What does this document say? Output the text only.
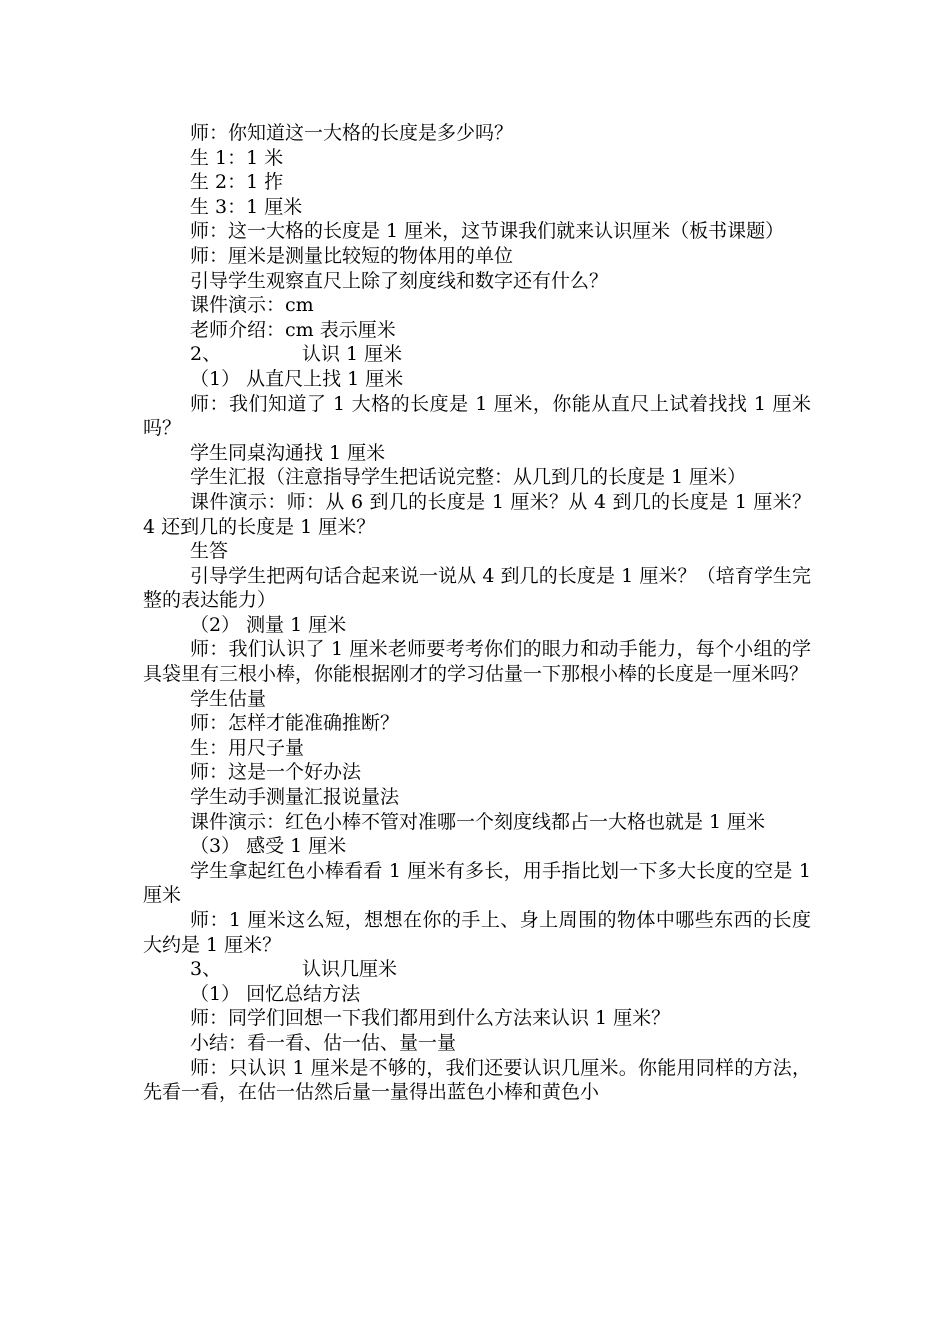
师：你知道这一大格的长度是多少吗？
生 1：1 米
生 2：1 拃
生 3：1 厘米
师：这一大格的长度是 1 厘米，这节课我们就来认识厘米（板书课题）
师：厘米是测量比较短的物体用的单位
引导学生观察直尺上除了刻度线和数字还有什么？
课件演示：cm
老师介绍：cm 表示厘米
2、	认识 1 厘米
（1） 从直尺上找 1 厘米
师：我们知道了 1 大格的长度是 1 厘米，你能从直尺上试着找找 1 厘米吗？
学生同桌沟通找 1 厘米
学生汇报（注意指导学生把话说完整：从几到几的长度是 1 厘米）
课件演示：师：从 6 到几的长度是 1 厘米？从 4 到几的长度是 1 厘米？4 还到几的长度是 1 厘米？
生答
引导学生把两句话合起来说一说从 4 到几的长度是 1 厘米？（培育学生完整的表达能力）
（2） 测量 1 厘米
师：我们认识了 1 厘米老师要考考你们的眼力和动手能力，每个小组的学具袋里有三根小棒，你能根据刚才的学习估量一下那根小棒的长度是一厘米吗？
学生估量
师：怎样才能准确推断？
生：用尺子量
师：这是一个好办法
学生动手测量汇报说量法
课件演示：红色小棒不管对准哪一个刻度线都占一大格也就是 1 厘米
（3） 感受 1 厘米
学生拿起红色小棒看看 1 厘米有多长，用手指比划一下多大长度的空是 1 厘米
师：1 厘米这么短，想想在你的手上、身上周围的物体中哪些东西的长度大约是 1 厘米？
3、	认识几厘米
（1） 回忆总结方法
师：同学们回想一下我们都用到什么方法来认识 1 厘米？
小结：看一看、估一估、量一量
师：只认识 1 厘米是不够的，我们还要认识几厘米。你能用同样的方法，先看一看，在估一估然后量一量得出蓝色小棒和黄色小
